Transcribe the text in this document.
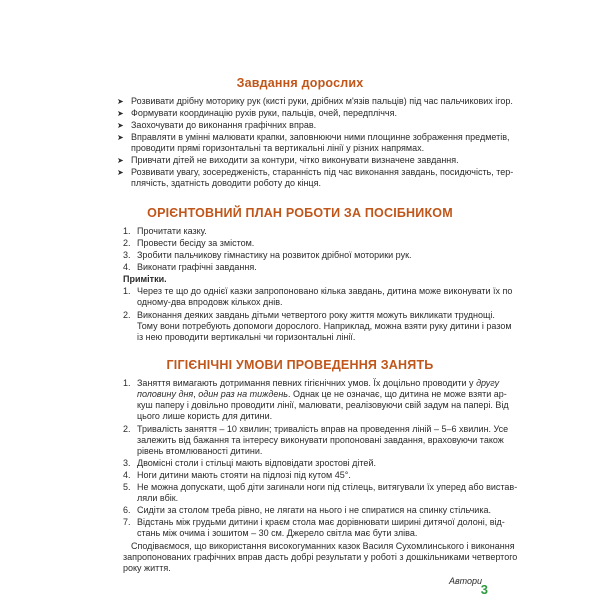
Завдання дорослих
➤ Розвивати дрібну моторику рук (кисті руки, дрібних м'язів пальців) під час пальчикових ігор.
➤ Формувати координацію рухів руки, пальців, очей, передпліччя.
➤ Заохочувати до виконання графічних вправ.
➤ Вправляти в умінні малювати крапки, заповнюючи ними площинне зображення предметів,
проводити прямі горизонтальні та вертикальні лінії у різних напрямах.
➤ Привчати дітей не виходити за контури, чітко виконувати визначене завдання.
➤ Розвивати увагу, зосередженість, старанність під час виконання завдань, посидючість, тер-
плячість, здатність доводити роботу до кінця.
ОРІЄНТОВНИЙ ПЛАН РОБОТИ ЗА ПОСІБНИКОМ
1. Прочитати казку.
2. Провести бесіду за змістом.
3. Зробити пальчикову гімнастику на розвиток дрібної моторики рук.
4. Виконати графічні завдання.
Примітки.
1. Через те що до однієї казки запропоновано кілька завдань, дитина може виконувати їх по
одному-два впродовж кількох днів.
2. Виконання деяких завдань дітьми четвертого року життя можуть викликати труднощі.
Тому вони потребують допомоги дорослого. Наприклад, можна взяти руку дитини і разом
із нею проводити вертикальні чи горизонтальні лінії.
ГІГІЄНІЧНІ УМОВИ ПРОВЕДЕННЯ ЗАНЯТЬ
1. Заняття вимагають дотримання певних гігієнічних умов. Їх доцільно проводити у другу
половину дня, один раз на тиждень. Однак це не означає, що дитина не може взяти ар-
куш паперу і довільно проводити лінії, малювати, реалізовуючи свій задум на папері. Від
цього лише користь для дитини.
2. Тривалість заняття – 10 хвилин; тривалість вправ на проведення ліній – 5–6 хвилин. Усе
залежить від бажання та інтересу виконувати пропоновані завдання, враховуючи також
рівень втомлюваності дитини.
3. Двомісні столи і стільці мають відповідати зростові дітей.
4. Ноги дитини мають стояти на підлозі під кутом 45°.
5. Не можна допускати, щоб діти загинали ноги під стілець, витягували їх уперед або вистав-
ляли вбік.
6. Сидіти за столом треба рівно, не лягати на нього і не спиратися на спинку стільчика.
7. Відстань між грудьми дитини і краєм стола має дорівнювати ширині дитячої долоні, від-
стань між очима і зошитом – 30 см. Джерело світла має бути зліва.
Сподіваємося, що використання високогуманних казок Василя Сухомлинського і виконання
запропонованих графічних вправ дасть добрі результати у роботі з дошкільниками четвертого
року життя.
Автори
3
